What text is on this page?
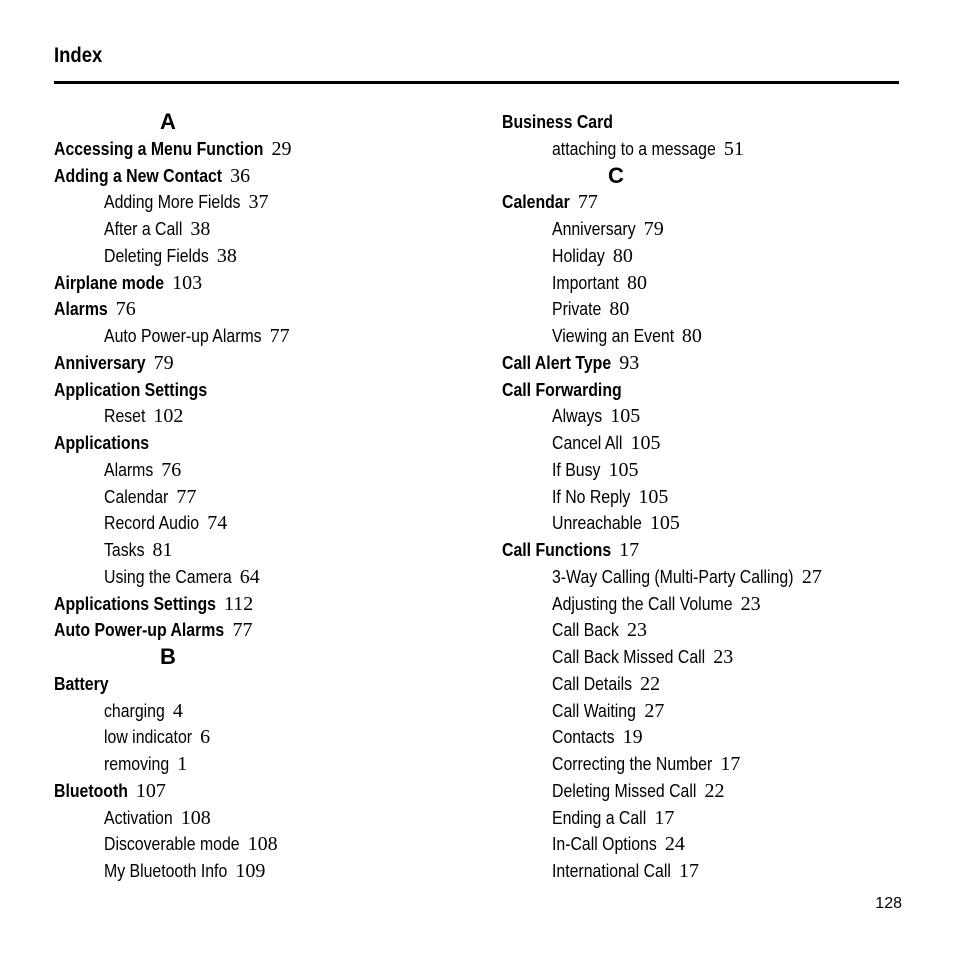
Index
A
Accessing a Menu Function 29
Adding a New Contact 36
Adding More Fields 37
After a Call 38
Deleting Fields 38
Airplane mode 103
Alarms 76
Auto Power-up Alarms 77
Anniversary 79
Application Settings
Reset 102
Applications
Alarms 76
Calendar 77
Record Audio 74
Tasks 81
Using the Camera 64
Applications Settings 112
Auto Power-up Alarms 77
B
Battery
charging 4
low indicator 6
removing 1
Bluetooth 107
Activation 108
Discoverable mode 108
My Bluetooth Info 109
Business Card
attaching to a message 51
C
Calendar 77
Anniversary 79
Holiday 80
Important 80
Private 80
Viewing an Event 80
Call Alert Type 93
Call Forwarding
Always 105
Cancel All 105
If Busy 105
If No Reply 105
Unreachable 105
Call Functions 17
3-Way Calling (Multi-Party Calling) 27
Adjusting the Call Volume 23
Call Back 23
Call Back Missed Call 23
Call Details 22
Call Waiting 27
Contacts 19
Correcting the Number 17
Deleting Missed Call 22
Ending a Call 17
In-Call Options 24
International Call 17
128
